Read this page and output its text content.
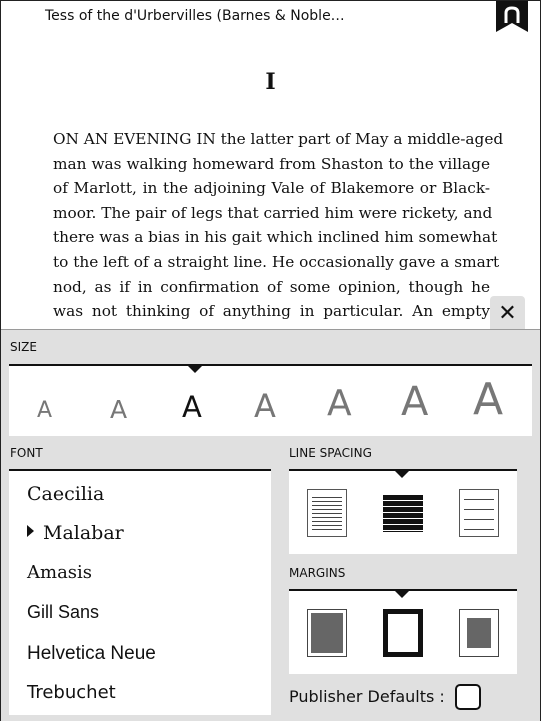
Tess of the d'Urbervilles (Barnes & Noble…
I
ON AN EVENING IN the latter part of May a middle-aged
man was walking homeward from Shaston to the village
of Marlott, in the adjoining Vale of Blakemore or Black-
moor. The pair of legs that carried him were rickety, and
there was a bias in his gait which inclined him somewhat
to the left of a straight line. He occasionally gave a smart
nod, as if in confirmation of some opinion, though he
was not thinking of anything in particular. An empty ✕
SIZE
A A A A A A A
FONT
Caecilia
Malabar
Amasis
Gill Sans
Helvetica Neue
Trebuchet
LINE SPACING
MARGINS
Publisher Defaults :
